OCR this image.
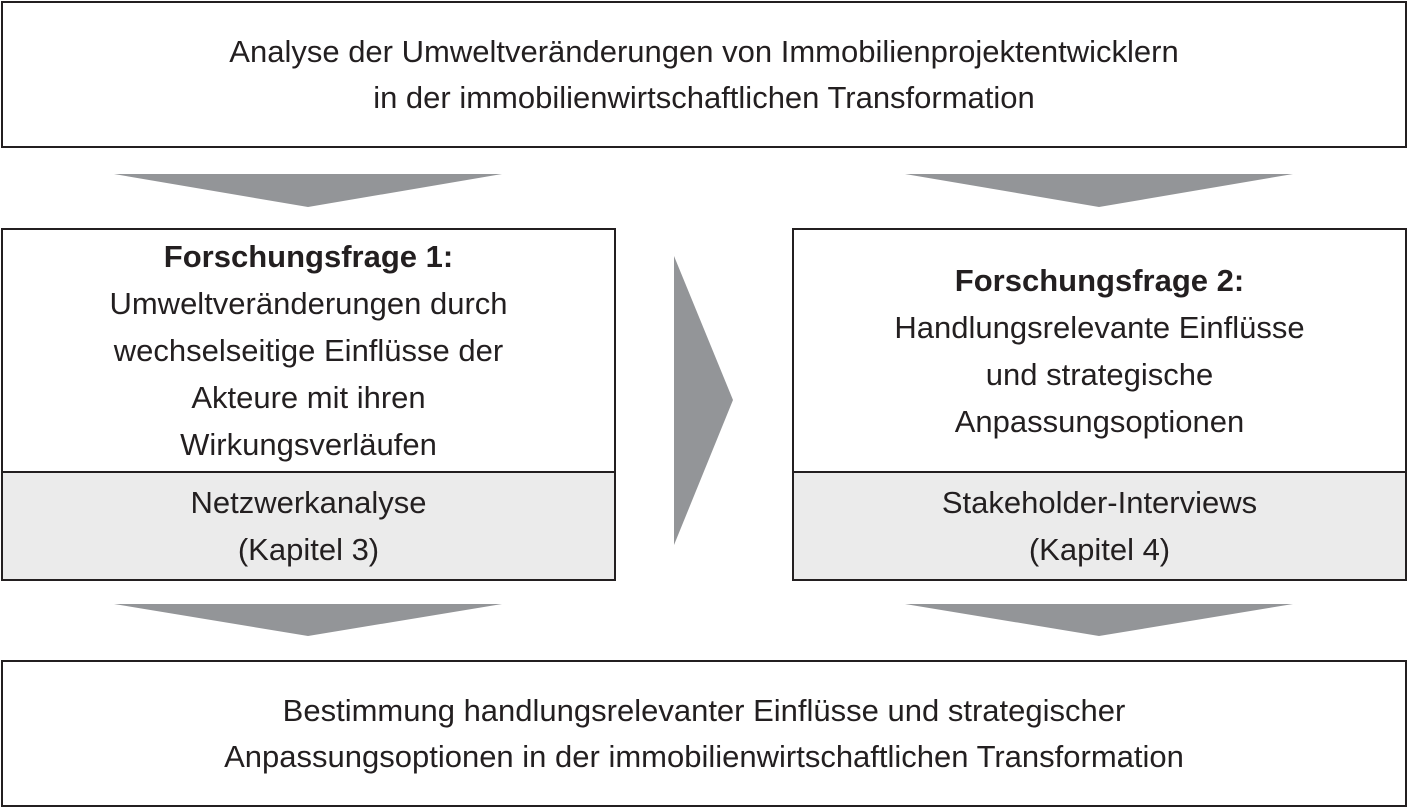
Analyse der Umweltveränderungen von Immobilienprojektentwicklern
in der immobilienwirtschaftlichen Transformation
Forschungsfrage 1:
Umweltveränderungen durch
wechselseitige Einflüsse der
Akteure mit ihren
Wirkungsverläufen
Netzwerkanalyse
(Kapitel 3)
Forschungsfrage 2:
Handlungsrelevante Einflüsse
und strategische
Anpassungsoptionen
Stakeholder-Interviews
(Kapitel 4)
Bestimmung handlungsrelevanter Einflüsse und strategischer
Anpassungsoptionen in der immobilienwirtschaftlichen Transformation
